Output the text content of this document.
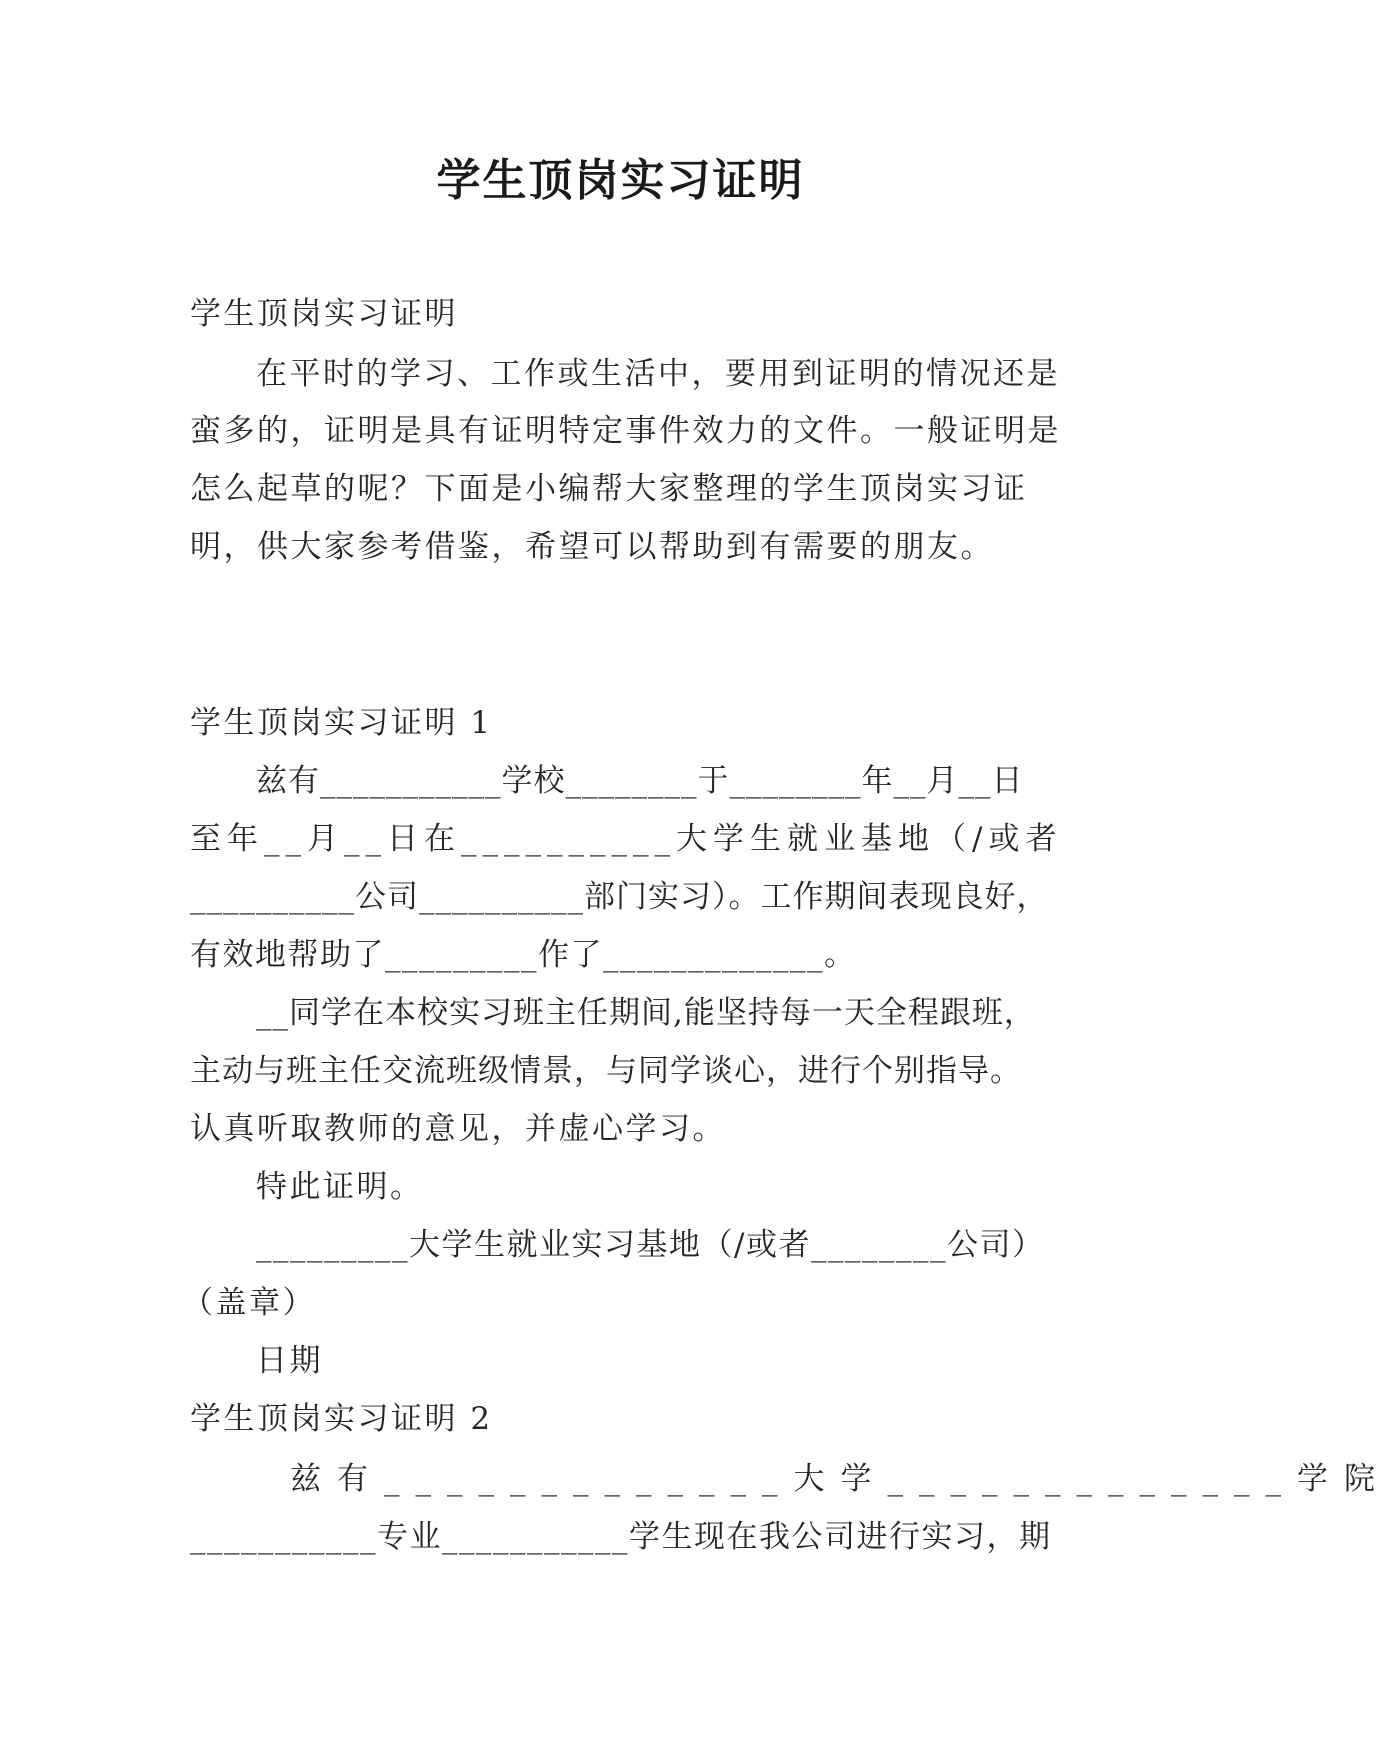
学生顶岗实习证明
学生顶岗实习证明
在平时的学习、工作或生活中，要用到证明的情况还是
蛮多的，证明是具有证明特定事件效力的文件。一般证明是
怎么起草的呢？下面是小编帮大家整理的学生顶岗实习证
明，供大家参考借鉴，希望可以帮助到有需要的朋友。
学生顶岗实习证明 1
兹有___________学校________于________年__月__日
至年__月__日在__________大学生就业基地（/或者
__________公司__________部门实习）。工作期间表现良好，
有效地帮助了_________作了_____________。
__同学在本校实习班主任期间,能坚持每一天全程跟班，
主动与班主任交流班级情景，与同学谈心，进行个别指导。
认真听取教师的意见，并虚心学习。
特此证明。
_________大学生就业实习基地（/或者________公司）
（盖章）
日期
学生顶岗实习证明 2
兹有_____________大学_____________学院
___________专业___________学生现在我公司进行实习，期
